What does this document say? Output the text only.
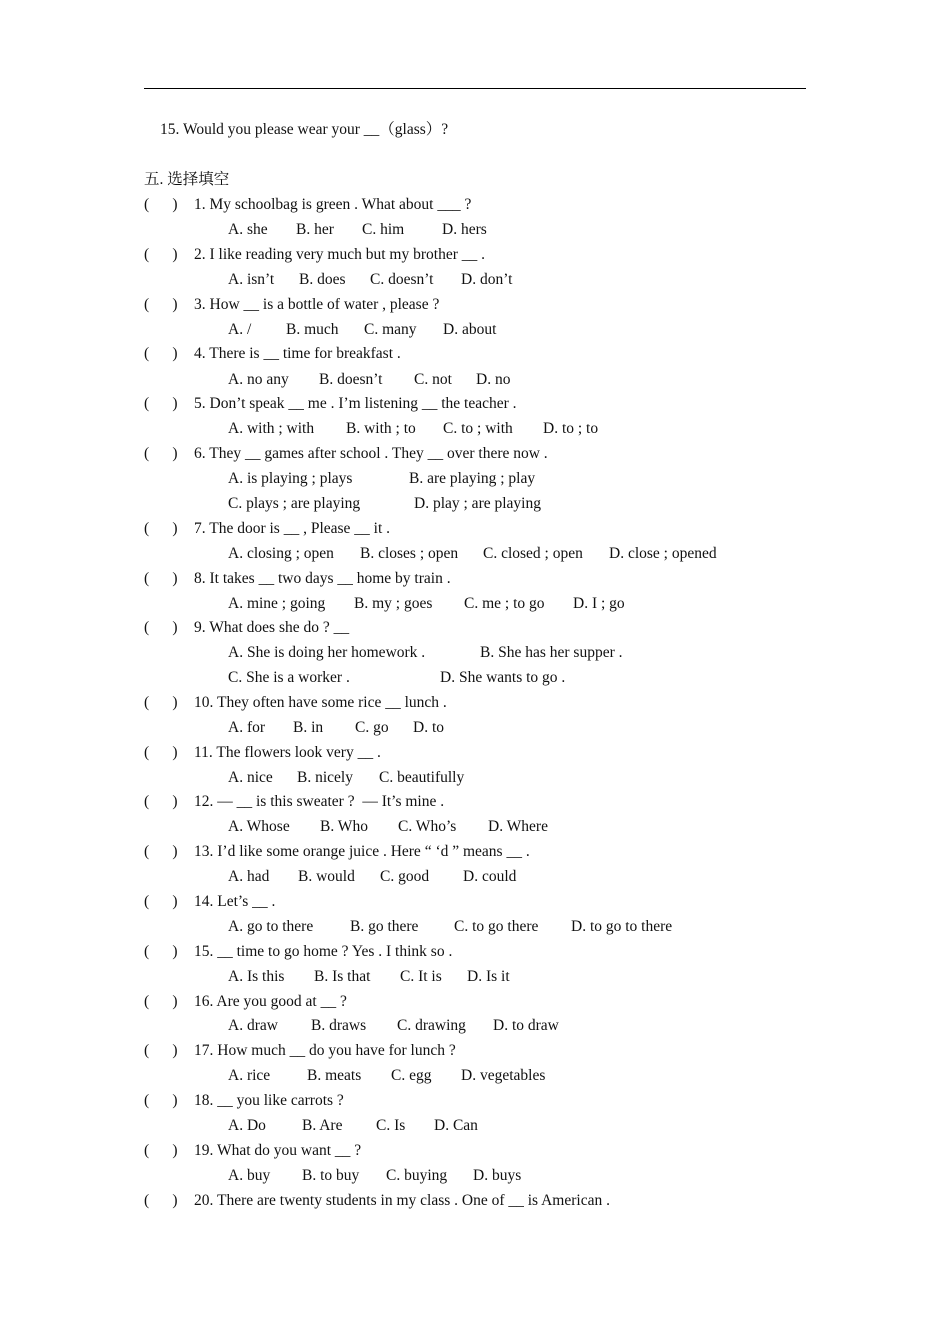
15. Would you please wear your __（glass）?
五. 选择填空
(      ) 1. My schoolbag is green . What about ___ ?
A. she B. her C. him D. hers
(      ) 2. I like reading very much but my brother __ .
A. isn’t B. does C. doesn’t D. don’t
(      ) 3. How __ is a bottle of water , please ?
A. / B. much C. many D. about
(      ) 4. There is __ time for breakfast .
A. no any B. doesn’t C. not D. no
(      ) 5. Don’t speak __ me . I’m listening __ the teacher .
A. with ; with B. with ; to C. to ; with D. to ; to
(      ) 6. They __ games after school . They __ over there now .
A. is playing ; plays	B. are playing ; play
C. plays ; are playing	D. play ; are playing
(      ) 7. The door is __ , Please __ it .
A. closing ; open B. closes ; open C. closed ; open D. close ; opened
(      ) 8. It takes __ two days __ home by train .
A. mine ; going B. my ; goes C. me ; to go D. I ; go
(      ) 9. What does she do ? __
A. She is doing her homework .	B. She has her supper .
C. She is a worker .	D. She wants to go .
(      ) 10. They often have some rice __ lunch .
A. for B. in C. go D. to
(      ) 11. The flowers look very __ .
A. nice B. nicely C. beautifully
(      ) 12. — __ is this sweater ?  — It’s mine .
A. Whose B. Who C. Who’s D. Where
(      ) 13. I’d like some orange juice . Here “ ‘d ” means __ .
A. had B. would C. good D. could
(      ) 14. Let’s __ .
A. go to there B. go there C. to go there D. to go to there
(      ) 15. __ time to go home ? Yes . I think so .
A. Is this B. Is that C. It is D. Is it
(      ) 16. Are you good at __ ?
A. draw B. draws C. drawing D. to draw
(      ) 17. How much __ do you have for lunch ?
A. rice B. meats C. egg D. vegetables
(      ) 18. __ you like carrots ?
A. Do B. Are C. Is D. Can
(      ) 19. What do you want __ ?
A. buy B. to buy C. buying D. buys
(      ) 20. There are twenty students in my class . One of __ is American .
